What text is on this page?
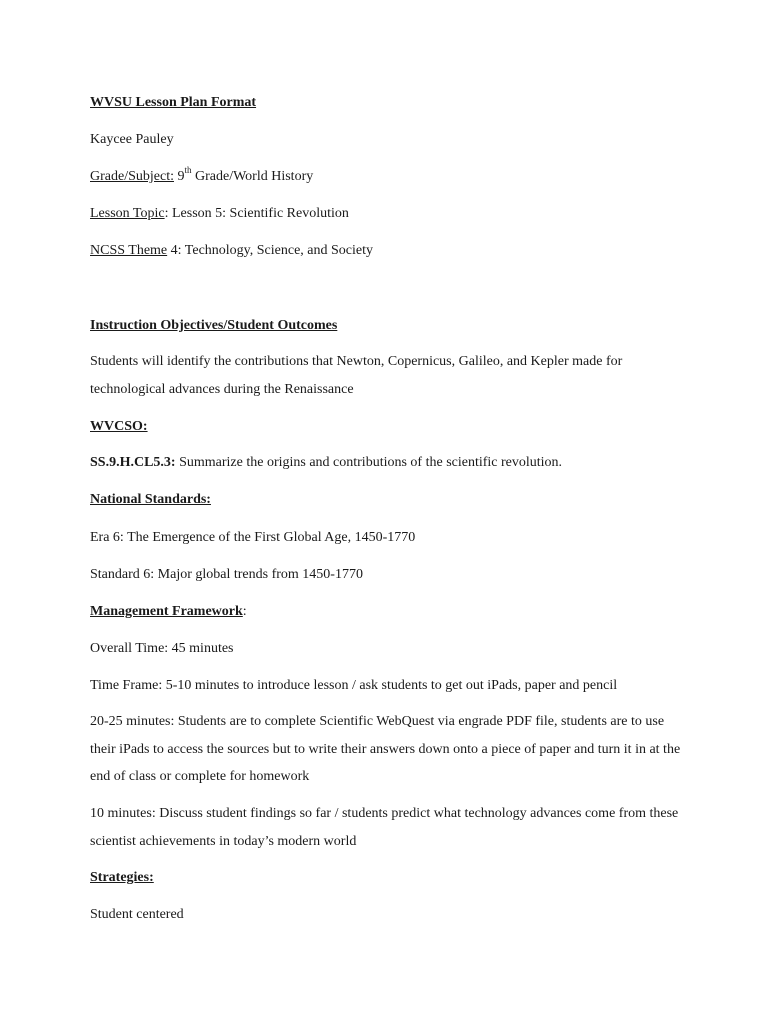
WVSU Lesson Plan Format
Kaycee Pauley
Grade/Subject: 9th Grade/World History
Lesson Topic: Lesson 5: Scientific Revolution
NCSS Theme 4: Technology, Science, and Society
Instruction Objectives/Student Outcomes
Students will identify the contributions that Newton, Copernicus, Galileo, and Kepler made for technological advances during the Renaissance
WVCSO:
SS.9.H.CL5.3: Summarize the origins and contributions of the scientific revolution.
National Standards:
Era 6: The Emergence of the First Global Age, 1450-1770
Standard 6: Major global trends from 1450-1770
Management Framework:
Overall Time: 45 minutes
Time Frame: 5-10 minutes to introduce lesson / ask students to get out iPads, paper and pencil
20-25 minutes: Students are to complete Scientific WebQuest via engrade PDF file, students are to use their iPads to access the sources but to write their answers down onto a piece of paper and turn it in at the end of class or complete for homework
10 minutes: Discuss student findings so far / students predict what technology advances come from these scientist achievements in today’s modern world
Strategies:
Student centered
